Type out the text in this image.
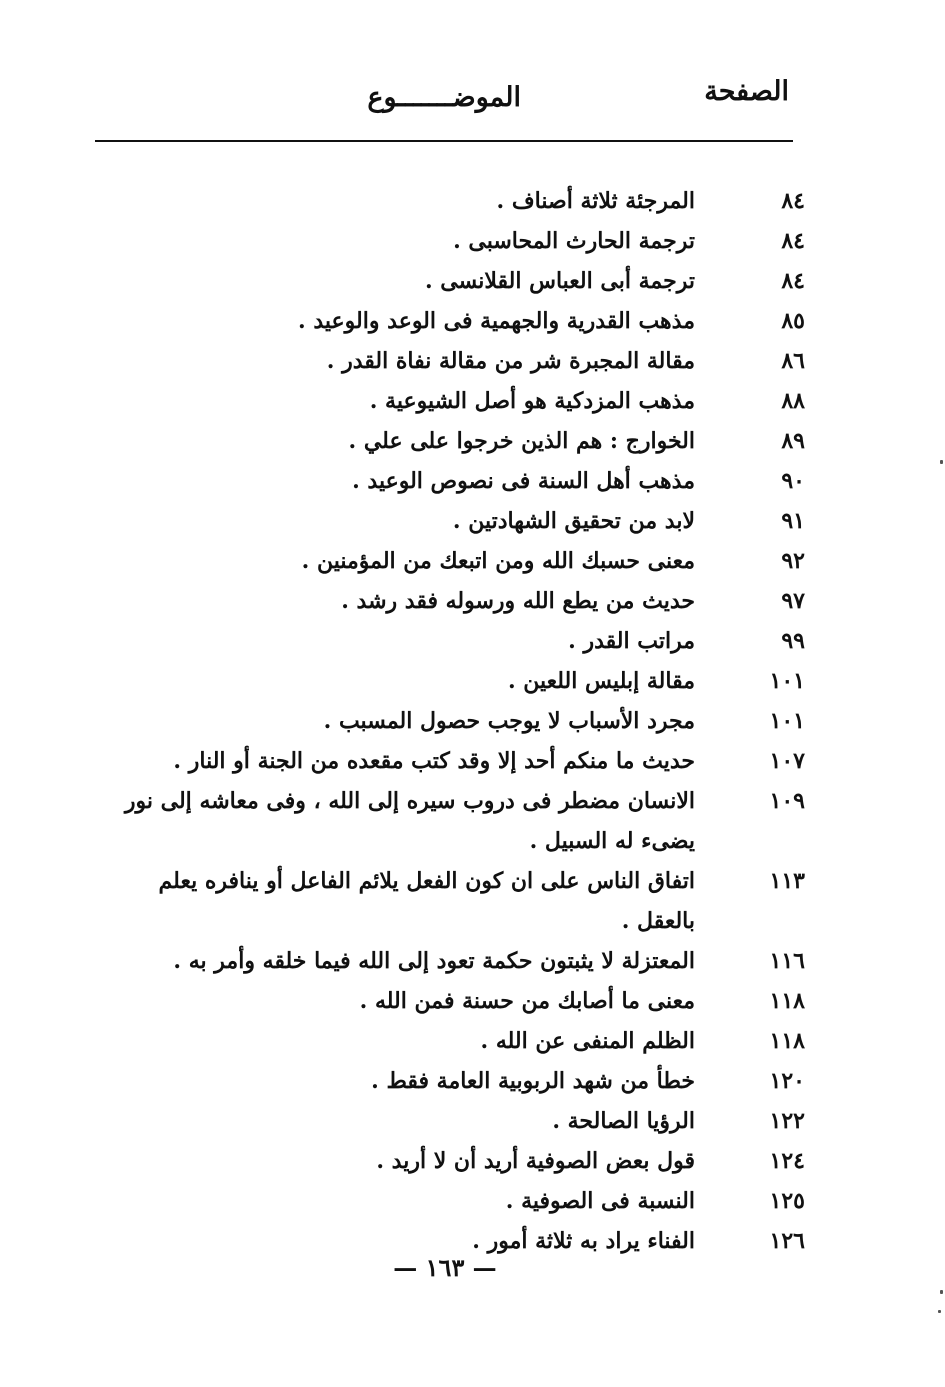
الصفحة
الموضـــــــوع
٨٤
المرجئة ثلاثة أصناف .
٨٤
ترجمة الحارث المحاسبى .
٨٤
ترجمة أبى العباس القلانسى .
٨٥
مذهب القدرية والجهمية فى الوعد والوعيد .
٨٦
مقالة المجبرة شر من مقالة نفاة القدر .
٨٨
مذهب المزدكية هو أصل الشيوعية .
٨٩
الخوارج : هم الذين خرجوا على علي .
٩٠
مذهب أهل السنة فى نصوص الوعيد .
٩١
لابد من تحقيق الشهادتين .
٩٢
معنى حسبك الله ومن اتبعك من المؤمنين .
٩٧
حديث من يطع الله ورسوله فقد رشد .
٩٩
مراتب القدر .
١٠١
مقالة إبليس اللعين .
١٠١
مجرد الأسباب لا يوجب حصول المسبب .
١٠٧
حديث ما منكم أحد إلا وقد كتب مقعده من الجنة أو النار .
١٠٩
الانسان مضطر فى دروب سيره إلى الله ، وفى معاشه إلى نور يضىء له السبيل .
١١٣
اتفاق الناس على ان كون الفعل يلائم الفاعل أو ينافره يعلم بالعقل .
١١٦
المعتزلة لا يثبتون حكمة تعود إلى الله فيما خلقه وأمر به .
١١٨
معنى ما أصابك من حسنة فمن الله .
١١٨
الظلم المنفى عن الله .
١٢٠
خطأ من شهد الربوبية العامة فقط .
١٢٢
الرؤيا الصالحة .
١٢٤
قول بعض الصوفية أريد أن لا أريد .
١٢٥
النسبة فى الصوفية .
١٢٦
الفناء يراد به ثلاثة أمور .
— ١٦٣ —
